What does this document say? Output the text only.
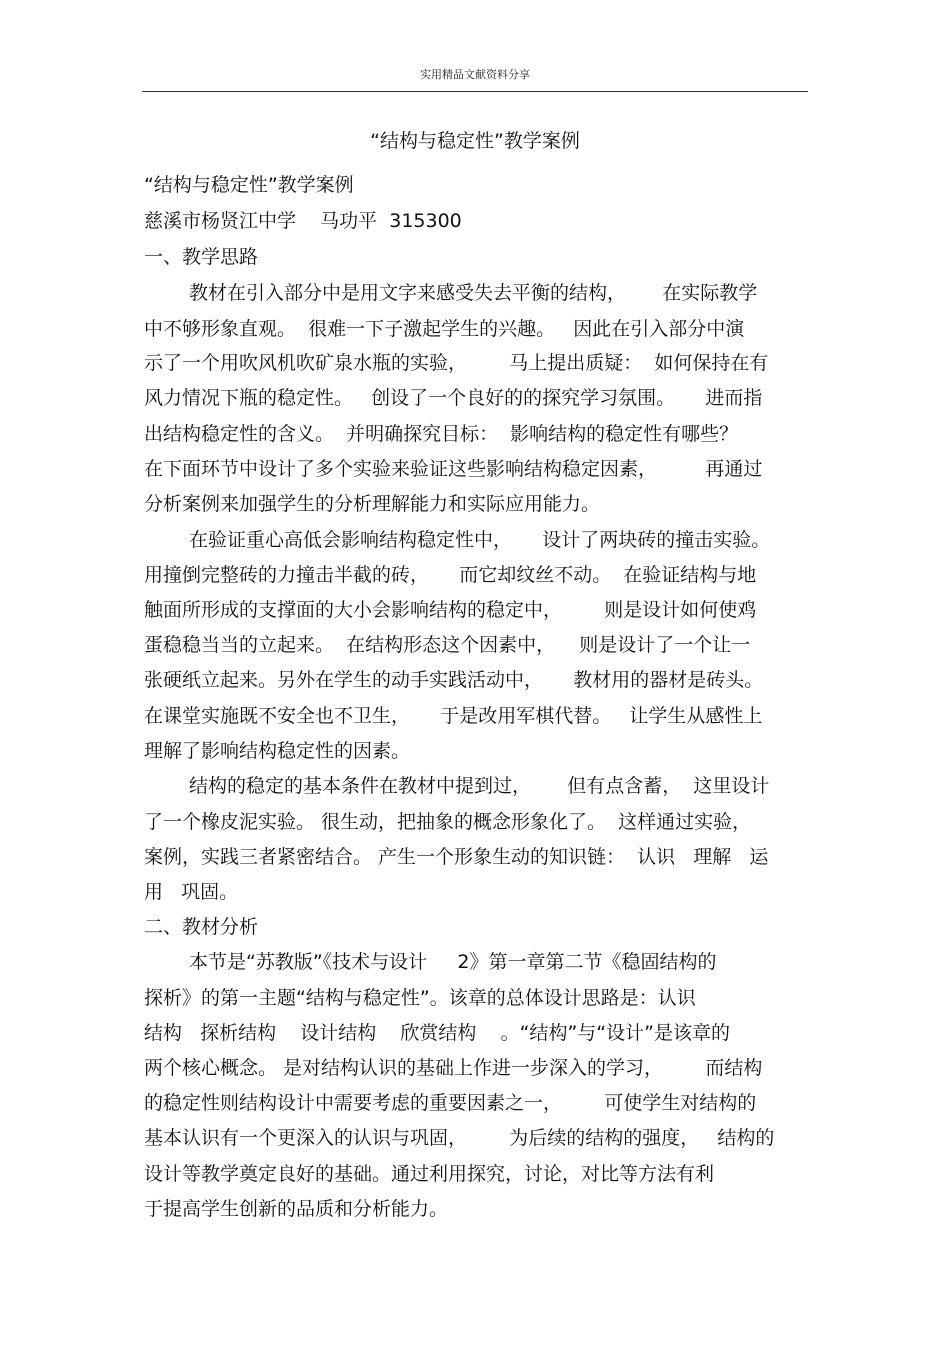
实用精品文献资料分享
“结构与稳定性”教学案例
“结构与稳定性”教学案例
慈溪市杨贤江中学    马功平  315300
一、教学思路
教材在引入部分中是用文字来感受失去平衡的结构，      在实际教学
中不够形象直观。  很难一下子激起学生的兴趣。   因此在引入部分中演
示了一个用吹风机吹矿泉水瓶的实验，       马上提出质疑：  如何保持在有
风力情况下瓶的稳定性。   创设了一个良好的的探究学习氛围。     进而指
出结构稳定性的含义。  并明确探究目标：  影响结构的稳定性有哪些？
在下面环节中设计了多个实验来验证这些影响结构稳定因素，        再通过
分析案例来加强学生的分析理解能力和实际应用能力。
在验证重心高低会影响结构稳定性中，     设计了两块砖的撞击实验。
用撞倒完整砖的力撞击半截的砖，     而它却纹丝不动。  在验证结构与地
触面所形成的支撑面的大小会影响结构的稳定中，       则是设计如何使鸡
蛋稳稳当当的立起来。  在结构形态这个因素中，    则是设计了一个让一
张硬纸立起来。另外在学生的动手实践活动中，     教材用的器材是砖头。
在课堂实施既不安全也不卫生，     于是改用军棋代替。   让学生从感性上
理解了影响结构稳定性的因素。
结构的稳定的基本条件在教材中提到过，      但有点含蓄，  这里设计
了一个橡皮泥实验。 很生动，把抽象的概念形象化了。  这样通过实验，
案例，实践三者紧密结合。 产生一个形象生动的知识链：  认识   理解   运
用   巩固。
二、教材分析
本节是“苏教版”《技术与设计     2》第一章第二节《稳固结构的
探析》的第一主题“结构与稳定性”。该章的总体设计思路是：认识
结构   探析结构    设计结构    欣赏结构    。“结构”与“设计”是该章的
两个核心概念。 是对结构认识的基础上作进一步深入的学习，       而结构
的稳定性则结构设计中需要考虑的重要因素之一，       可使学生对结构的
基本认识有一个更深入的认识与巩固，       为后续的结构的强度，   结构的
设计等教学奠定良好的基础。通过利用探究，讨论，对比等方法有利
于提高学生创新的品质和分析能力。
